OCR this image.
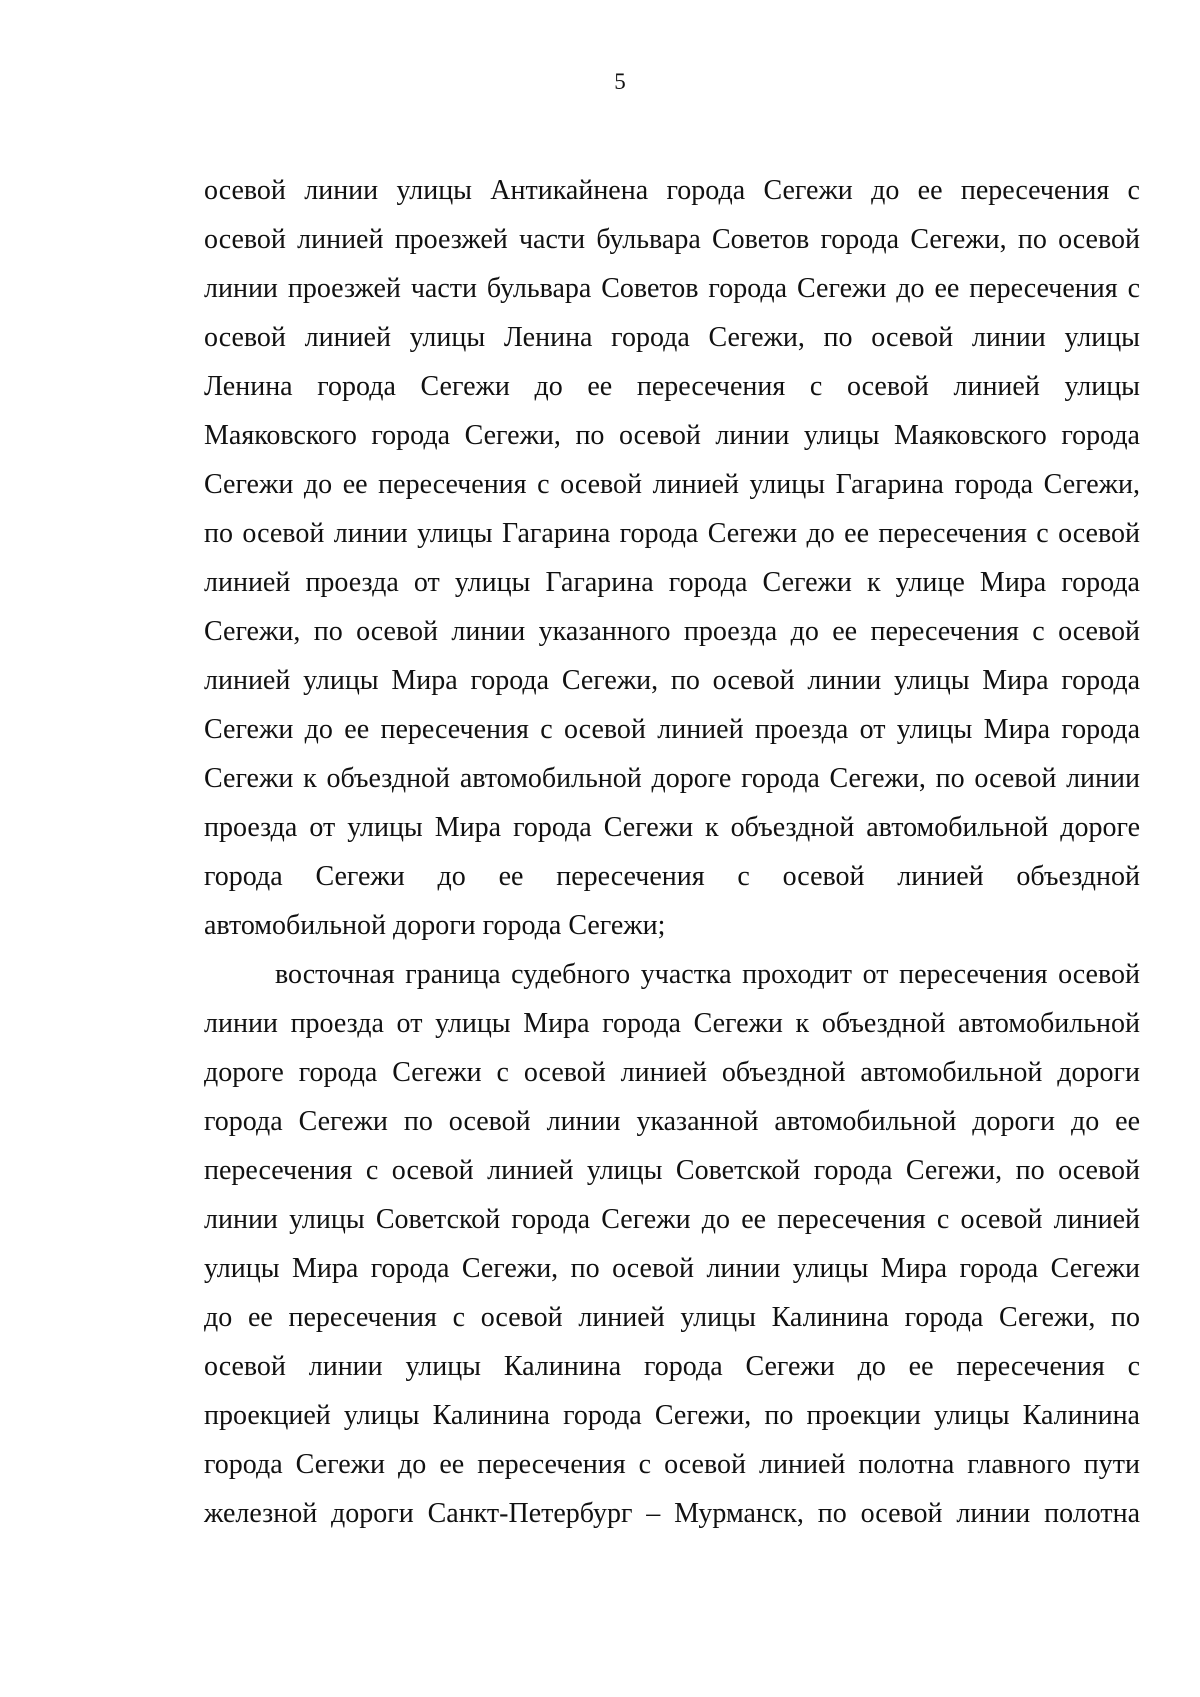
5
осевой линии улицы Антикайнена города Сегежи до ее пересечения с
осевой линией проезжей части бульвара Советов города Сегежи, по осевой
линии проезжей части бульвара Советов города Сегежи до ее пересечения с
осевой линией улицы Ленина города Сегежи, по осевой линии улицы
Ленина города Сегежи до ее пересечения с осевой линией улицы
Маяковского города Сегежи, по осевой линии улицы Маяковского города
Сегежи до ее пересечения с осевой линией улицы Гагарина города Сегежи,
по осевой линии улицы Гагарина города Сегежи до ее пересечения с осевой
линией проезда от улицы Гагарина города Сегежи к улице Мира города
Сегежи, по осевой линии указанного проезда до ее пересечения с осевой
линией улицы Мира города Сегежи, по осевой линии улицы Мира города
Сегежи до ее пересечения с осевой линией проезда от улицы Мира города
Сегежи к объездной автомобильной дороге города Сегежи, по осевой линии
проезда от улицы Мира города Сегежи к объездной автомобильной дороге
города Сегежи до ее пересечения с осевой линией объездной
автомобильной дороги города Сегежи;
восточная граница судебного участка проходит от пересечения осевой
линии проезда от улицы Мира города Сегежи к объездной автомобильной
дороге города Сегежи с осевой линией объездной автомобильной дороги
города Сегежи по осевой линии указанной автомобильной дороги до ее
пересечения с осевой линией улицы Советской города Сегежи, по осевой
линии улицы Советской города Сегежи до ее пересечения с осевой линией
улицы Мира города Сегежи, по осевой линии улицы Мира города Сегежи
до ее пересечения с осевой линией улицы Калинина города Сегежи, по
осевой линии улицы Калинина города Сегежи до ее пересечения с
проекцией улицы Калинина города Сегежи, по проекции улицы Калинина
города Сегежи до ее пересечения с осевой линией полотна главного пути
железной дороги Санкт-Петербург – Мурманск, по осевой линии полотна
